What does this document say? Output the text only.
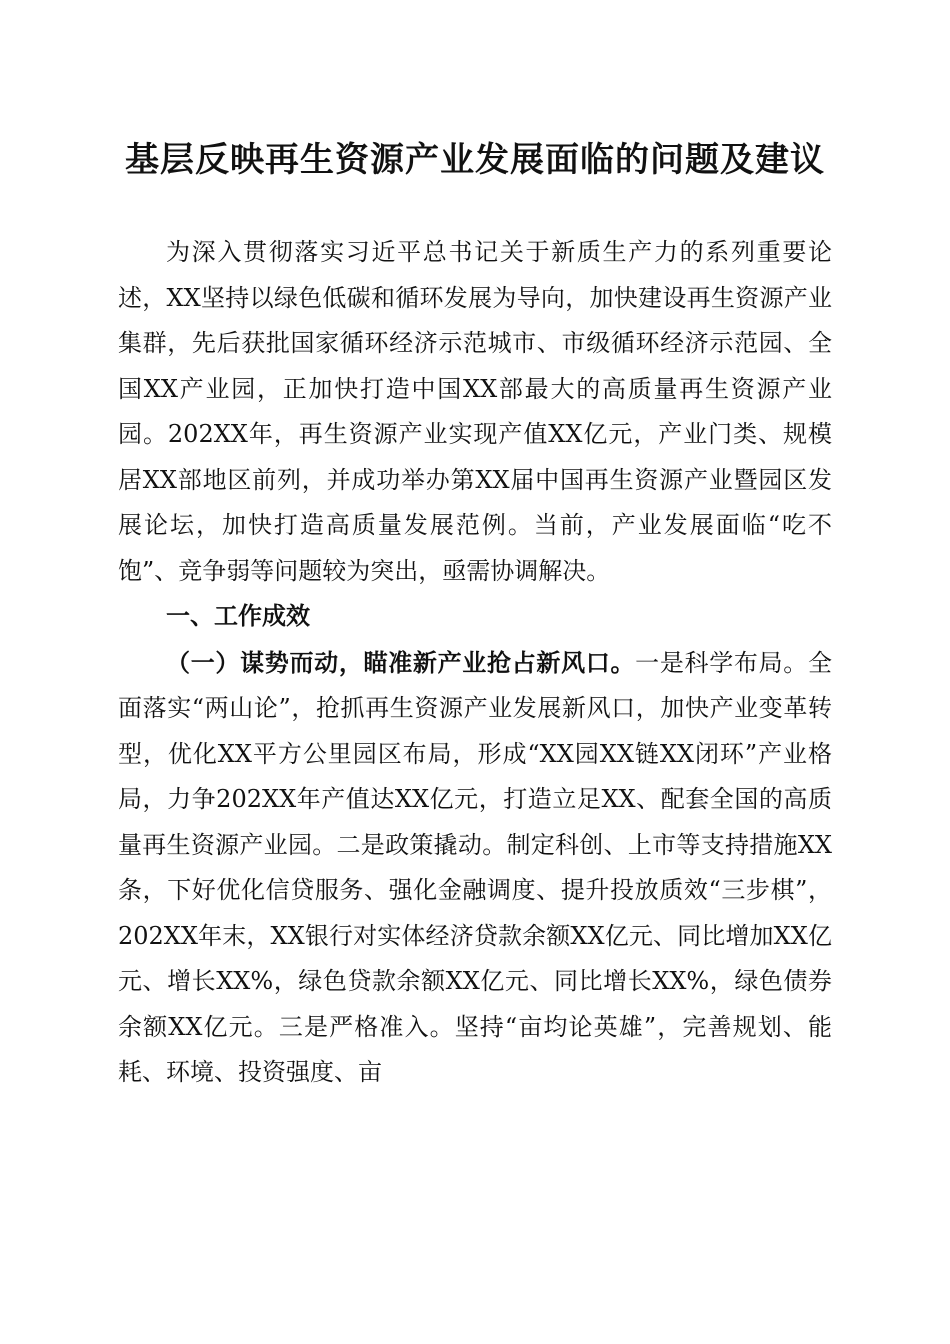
基层反映再生资源产业发展面临的问题及建议

为深入贯彻落实习近平总书记关于新质生产力的系列重要论述，XX坚持以绿色低碳和循环发展为导向，加快建设再生资源产业集群，先后获批国家循环经济示范城市、市级循环经济示范园、全国XX产业园，正加快打造中国XX部最大的高质量再生资源产业园。202XX年，再生资源产业实现产值XX亿元，产业门类、规模居XX部地区前列，并成功举办第XX届中国再生资源产业暨园区发展论坛，加快打造高质量发展范例。当前，产业发展面临“吃不饱”、竞争弱等问题较为突出，亟需协调解决。

一、工作成效

（一）谋势而动，瞄准新产业抢占新风口。一是科学布局。全面落实“两山论”，抢抓再生资源产业发展新风口，加快产业变革转型，优化XX平方公里园区布局，形成“XX园XX链XX闭环”产业格局，力争202XX年产值达XX亿元，打造立足XX、配套全国的高质量再生资源产业园。二是政策撬动。制定科创、上市等支持措施XX条，下好优化信贷服务、强化金融调度、提升投放质效“三步棋”，202XX年末，XX银行对实体经济贷款余额XX亿元、同比增加XX亿元、增长XX%，绿色贷款余额XX亿元、同比增长XX%，绿色债券余额XX亿元。三是严格准入。坚持“亩均论英雄”，完善规划、能耗、环境、投资强度、亩
